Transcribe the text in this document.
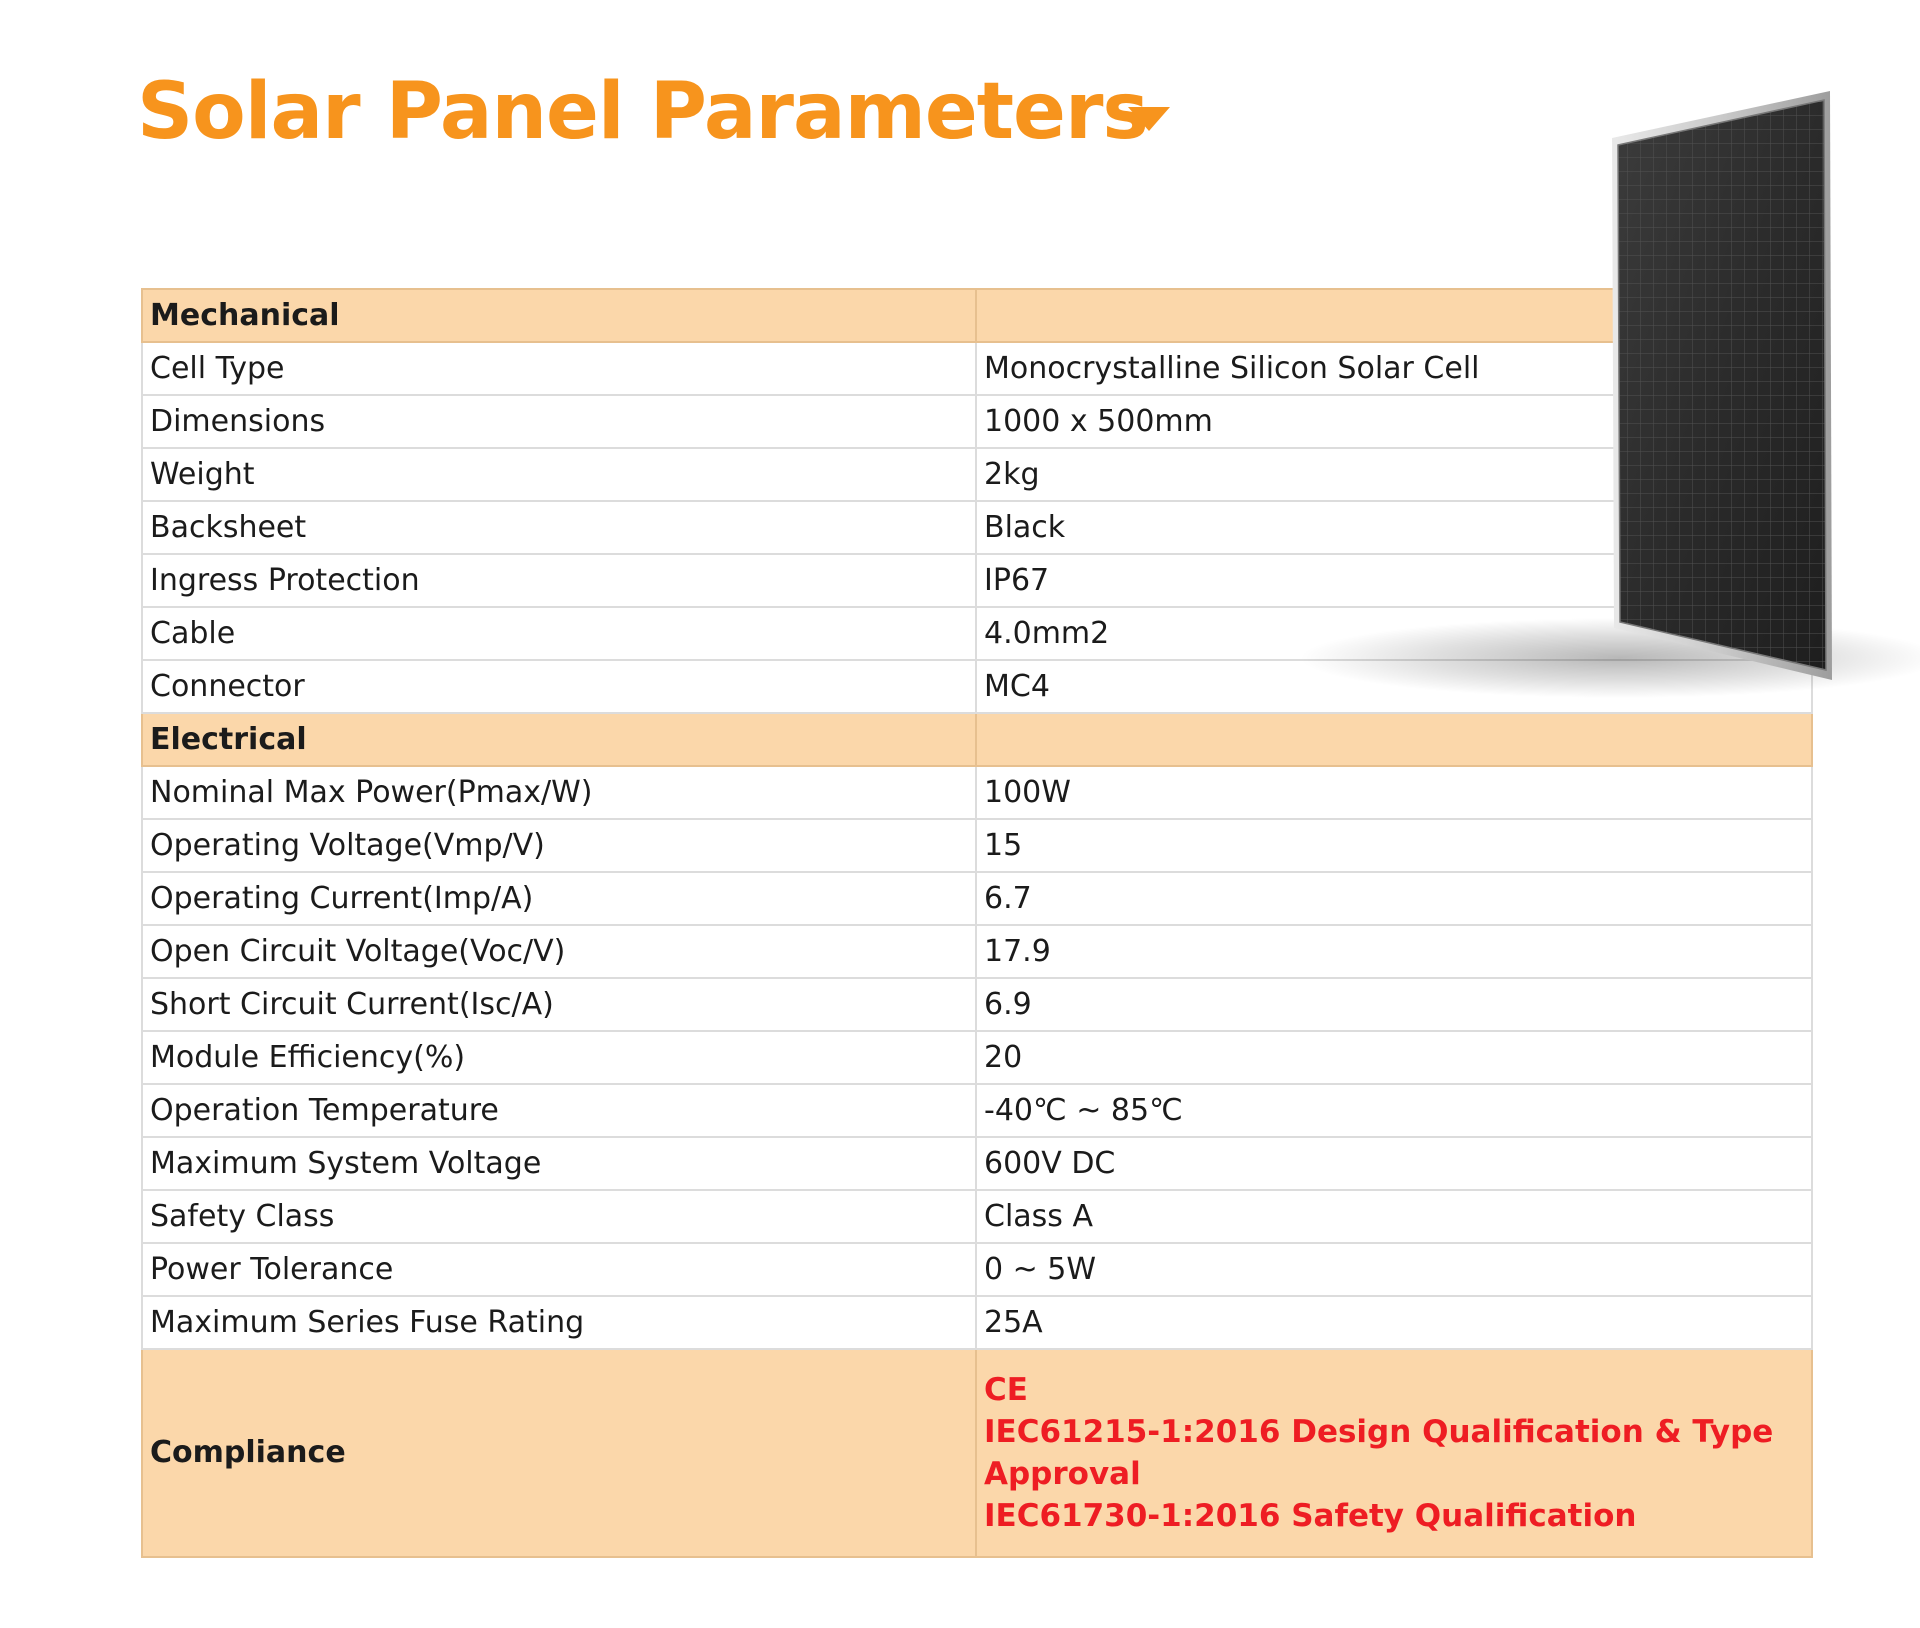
Solar Panel Parameters
Mechanical	
Cell Type	Monocrystalline Silicon Solar Cell
Dimensions	1000 x 500mm
Weight	2kg
Backsheet	Black
Ingress Protection	IP67
Cable	4.0mm2
Connector	MC4
Electrical	
Nominal Max Power(Pmax/W)	100W
Operating Voltage(Vmp/V)	15
Operating Current(Imp/A)	6.7
Open Circuit Voltage(Voc/V)	17.9
Short Circuit Current(Isc/A)	6.9
Module Efficiency(%)	20
Operation Temperature	-40℃ ~ 85℃
Maximum System Voltage	600V DC
Safety Class	Class A
Power Tolerance	0 ~ 5W
Maximum Series Fuse Rating	25A
Compliance	CE
IEC61215-1:2016 Design Qualification & Type Approval
IEC61730-1:2016 Safety Qualification
